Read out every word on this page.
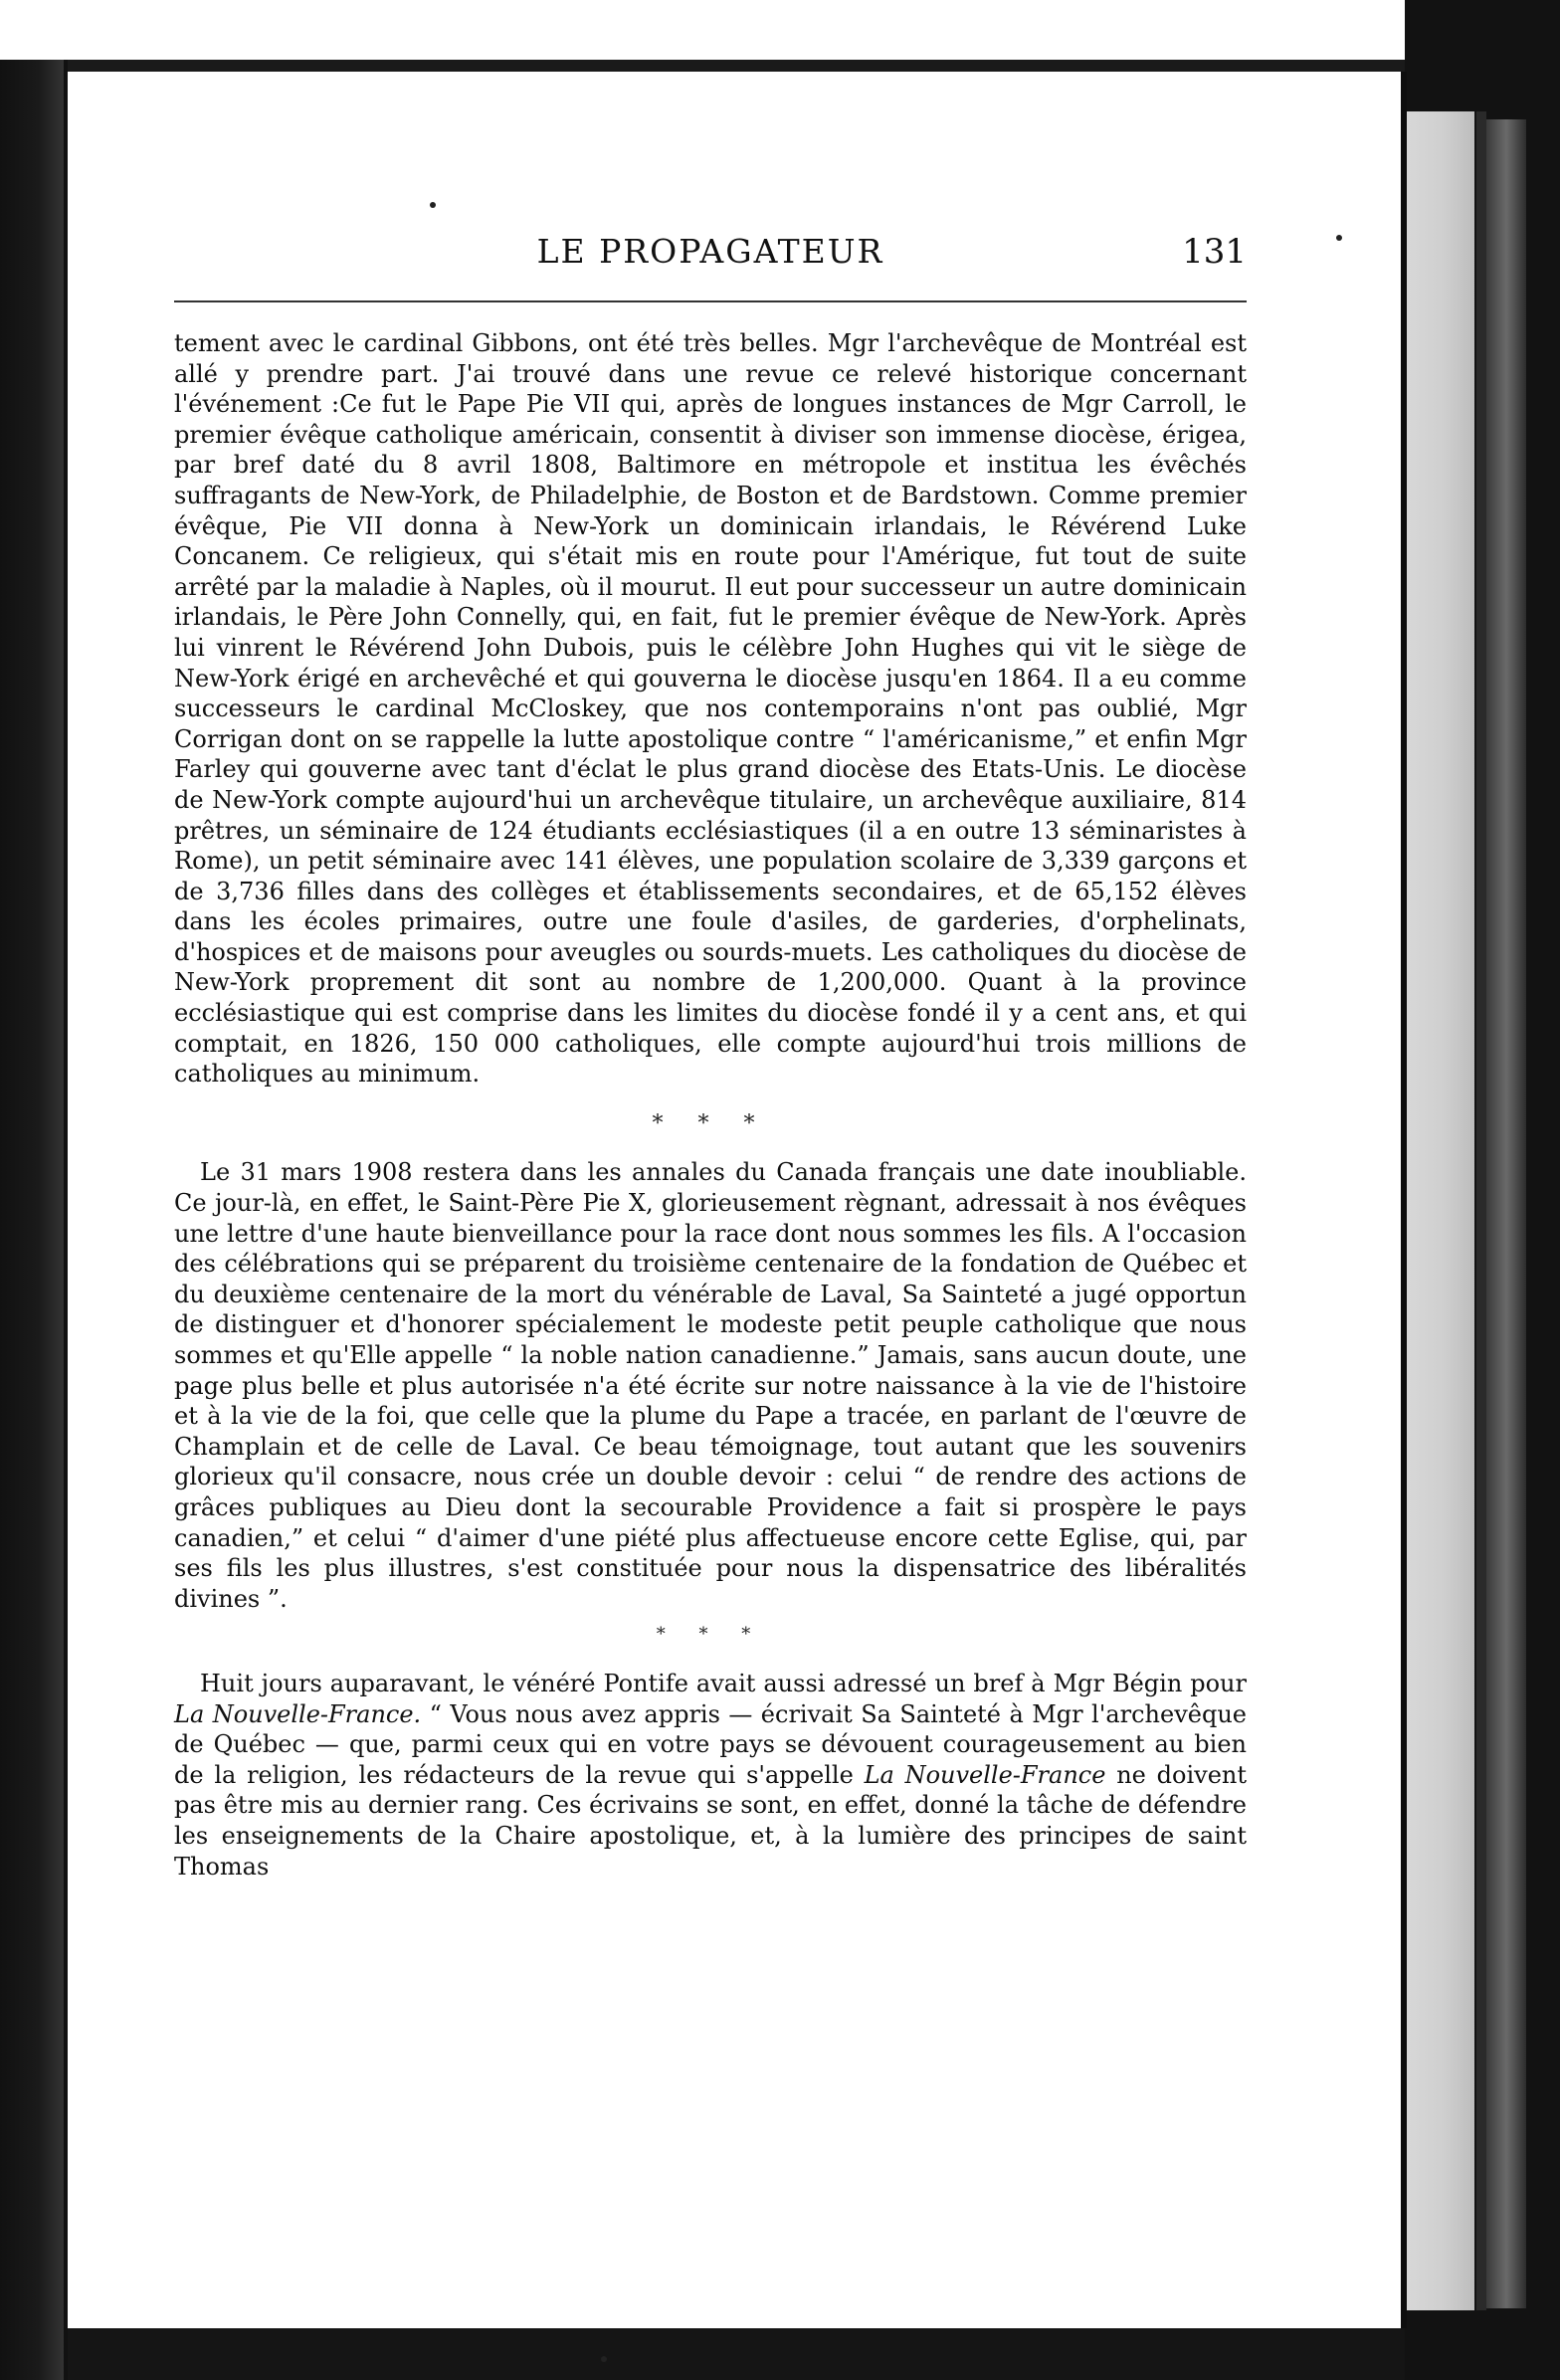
LE PROPAGATEUR	131

tement avec le cardinal Gibbons, ont été très belles. Mgr l'archevêque de Montréal est allé y prendre part. J'ai trouvé dans une revue ce relevé historique concernant l'événement :Ce fut le Pape Pie VII qui, après de longues instances de Mgr Carroll, le premier évêque catholique américain, consentit à diviser son immense diocèse, érigea, par bref daté du 8 avril 1808, Baltimore en métropole et institua les évêchés suffragants de New-York, de Philadelphie, de Boston et de Bardstown. Comme premier évêque, Pie VII donna à New-York un dominicain irlandais, le Révérend Luke Concanem. Ce religieux, qui s'était mis en route pour l'Amérique, fut tout de suite arrêté par la maladie à Naples, où il mourut. Il eut pour successeur un autre dominicain irlandais, le Père John Connelly, qui, en fait, fut le premier évêque de New-York. Après lui vinrent le Révérend John Dubois, puis le célèbre John Hughes qui vit le siège de New-York érigé en archevêché et qui gouverna le diocèse jusqu'en 1864. Il a eu comme successeurs le cardinal McCloskey, que nos contemporains n'ont pas oublié, Mgr Corrigan dont on se rappelle la lutte apostolique contre “ l'américanisme,” et enfin Mgr Farley qui gouverne avec tant d'éclat le plus grand diocèse des Etats-Unis. Le diocèse de New-York compte aujourd'hui un archevêque titulaire, un archevêque auxiliaire, 814 prêtres, un séminaire de 124 étudiants ecclésiastiques (il a en outre 13 séminaristes à Rome), un petit séminaire avec 141 élèves, une population scolaire de 3,339 garçons et de 3,736 filles dans des collèges et établissements secondaires, et de 65,152 élèves dans les écoles primaires, outre une foule d'asiles, de garderies, d'orphelinats, d'hospices et de maisons pour aveugles ou sourds-muets. Les catholiques du diocèse de New-York proprement dit sont au nombre de 1,200,000. Quant à la province ecclésiastique qui est comprise dans les limites du diocèse fondé il y a cent ans, et qui comptait, en 1826, 150 000 catholiques, elle compte aujourd'hui trois millions de catholiques au minimum.

* * *

Le 31 mars 1908 restera dans les annales du Canada français une date inoubliable. Ce jour-là, en effet, le Saint-Père Pie X, glorieusement règnant, adressait à nos évêques une lettre d'une haute bienveillance pour la race dont nous sommes les fils. A l'occasion des célébrations qui se préparent du troisième centenaire de la fondation de Québec et du deuxième centenaire de la mort du vénérable de Laval, Sa Sainteté a jugé opportun de distinguer et d'honorer spécialement le modeste petit peuple catholique que nous sommes et qu'Elle appelle “ la noble nation canadienne.” Jamais, sans aucun doute, une page plus belle et plus autorisée n'a été écrite sur notre naissance à la vie de l'histoire et à la vie de la foi, que celle que la plume du Pape a tracée, en parlant de l'œuvre de Champlain et de celle de Laval. Ce beau témoignage, tout autant que les souvenirs glorieux qu'il consacre, nous crée un double devoir : celui “ de rendre des actions de grâces publiques au Dieu dont la secourable Providence a fait si prospère le pays canadien,” et celui “ d'aimer d'une piété plus affectueuse encore cette Eglise, qui, par ses fils les plus illustres, s'est constituée pour nous la dispensatrice des libéralités divines ”.

* * *

Huit jours auparavant, le vénéré Pontife avait aussi adressé un bref à Mgr Bégin pour La Nouvelle-France. “ Vous nous avez appris — écrivait Sa Sainteté à Mgr l'archevêque de Québec — que, parmi ceux qui en votre pays se dévouent courageusement au bien de la religion, les rédacteurs de la revue qui s'appelle La Nouvelle-France ne doivent pas être mis au dernier rang. Ces écrivains se sont, en effet, donné la tâche de défendre les enseignements de la Chaire apostolique, et, à la lumière des principes de saint Thomas
